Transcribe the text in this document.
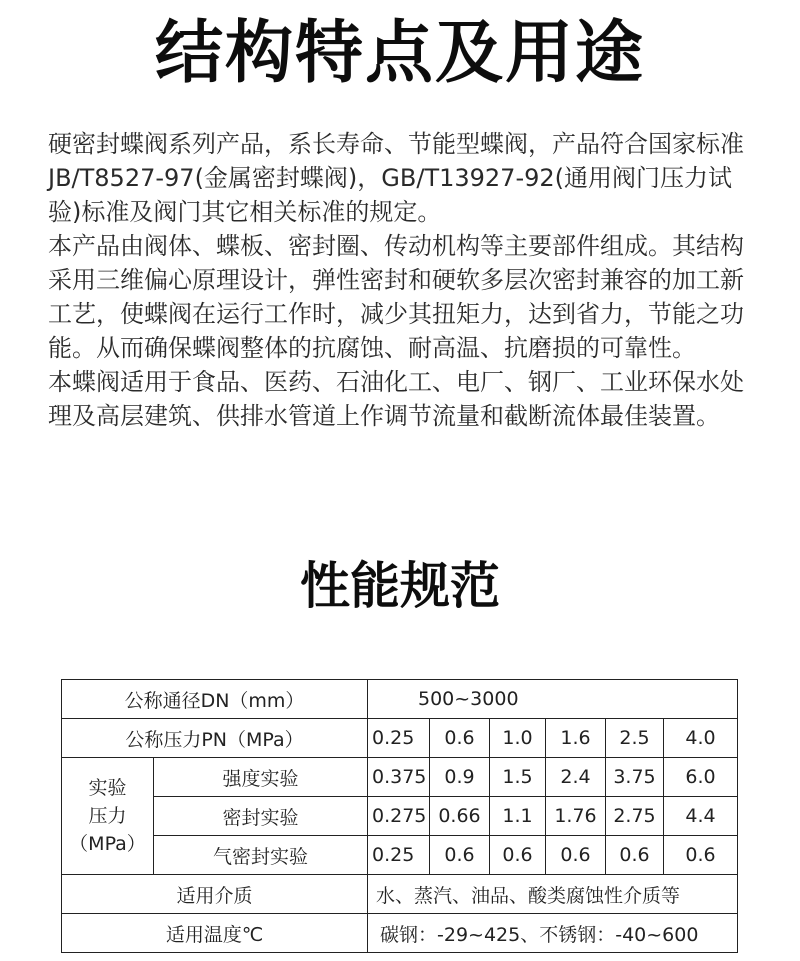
结构特点及用途

硬密封蝶阀系列产品，系长寿命、节能型蝶阀，产品符合国家标准JB/T8527-97(金属密封蝶阀)，GB/T13927-92(通用阀门压力试验)标准及阀门其它相关标准的规定。

本产品由阀体、蝶板、密封圈、传动机构等主要部件组成。其结构采用三维偏心原理设计，弹性密封和硬软多层次密封兼容的加工新工艺，使蝶阀在运行工作时，减少其扭矩力，达到省力，节能之功能。从而确保蝶阀整体的抗腐蚀、耐高温、抗磨损的可靠性。

本蝶阀适用于食品、医药、石油化工、电厂、钢厂、工业环保水处理及高层建筑、供排水管道上作调节流量和截断流体最佳装置。

性能规范
公称通径DN（mm）		500~3000					
公称压力PN（MPa）		0.25	0.6	1.0	1.6	2.5	4.0

实验
压力
（MPa）	强度实验	0.375	0.9	1.5	2.4	3.75	6.0
	密封实验	0.275	0.66	1.1	1.76	2.75	4.4
	气密封实验	0.25	0.6	0.6	0.6	0.6	0.6
适用介质		水、蒸汽、油品、酸类腐蚀性介质等					
适用温度℃		碳钢：-29~425、不锈钢：-40~600					
